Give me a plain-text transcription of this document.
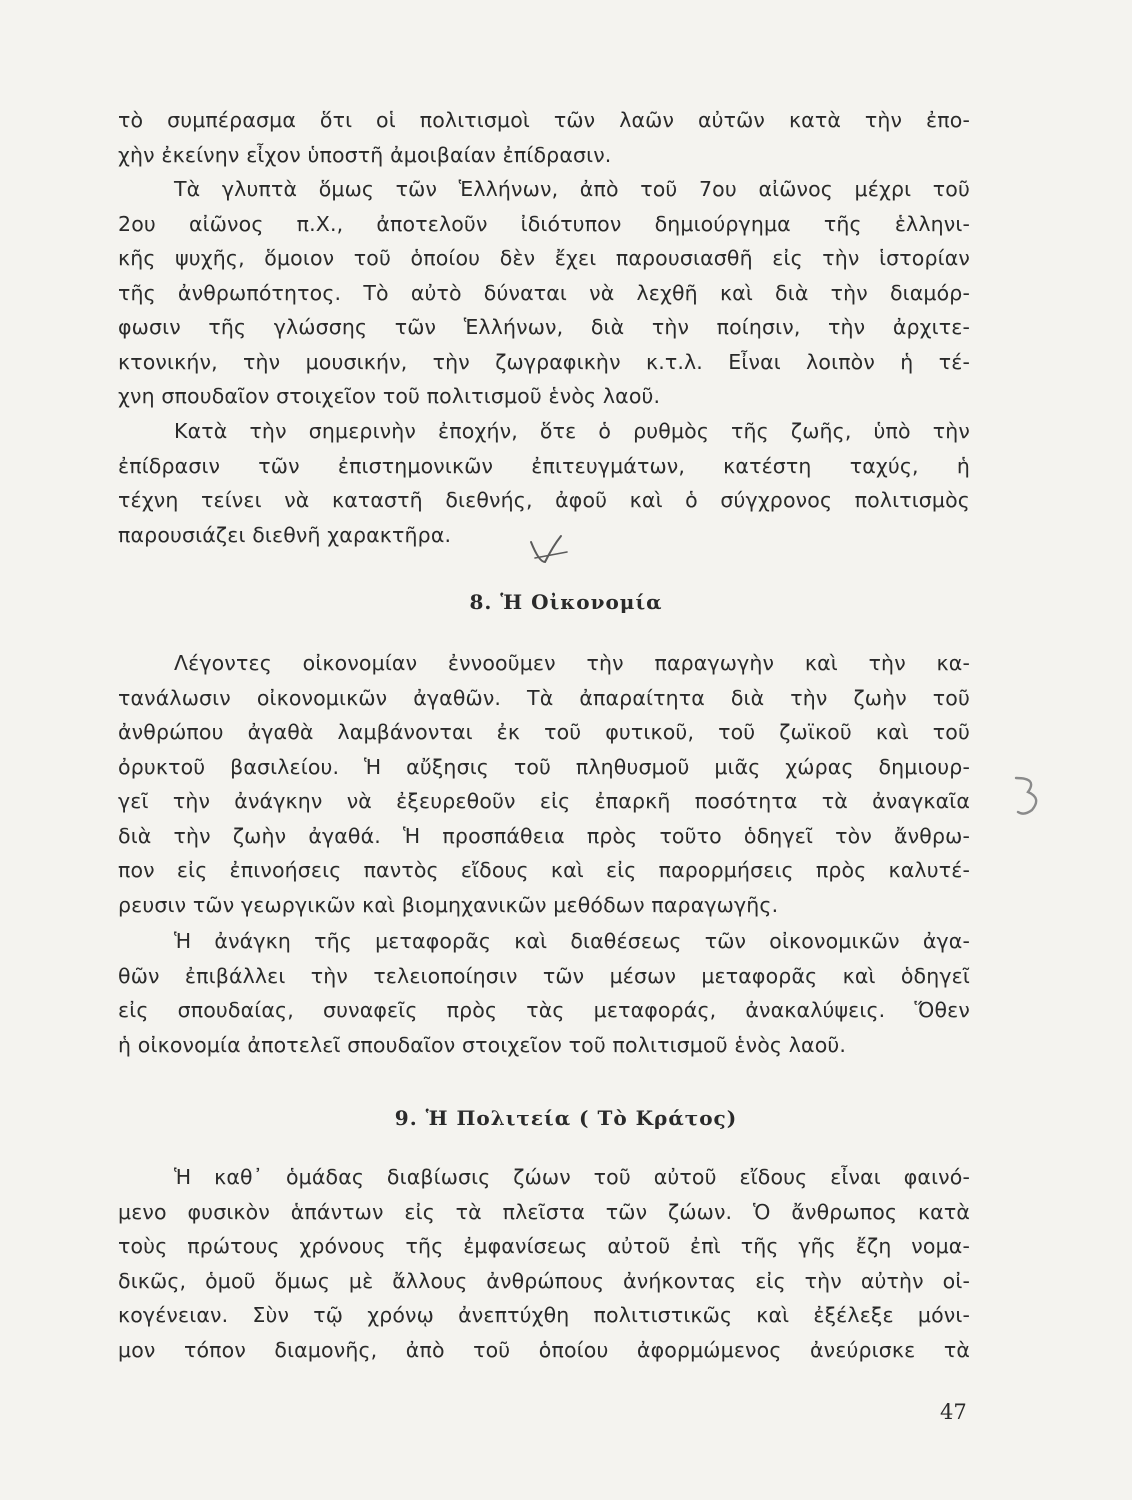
τὸ συμπέρασμα ὅτι οἱ πολιτισμοὶ τῶν λαῶν αὐτῶν κατὰ τὴν ἐπο-
χὴν ἐκείνην εἶχον ὑποστῆ ἀμοιβαίαν ἐπίδρασιν.
Τὰ γλυπτὰ ὅμως τῶν Ἑλλήνων, ἀπὸ τοῦ 7ου αἰῶνος μέχρι τοῦ
2ου αἰῶνος π.Χ., ἀποτελοῦν ἰδιότυπον δημιούργημα τῆς ἑλληνι-
κῆς ψυχῆς, ὅμοιον τοῦ ὁποίου δὲν ἔχει παρουσιασθῆ εἰς τὴν ἱστορίαν
τῆς ἀνθρωπότητος. Τὸ αὐτὸ δύναται νὰ λεχθῆ καὶ διὰ τὴν διαμόρ-
φωσιν τῆς γλώσσης τῶν Ἑλλήνων, διὰ τὴν ποίησιν, τὴν ἀρχιτε-
κτονικήν, τὴν μουσικήν, τὴν ζωγραφικὴν κ.τ.λ. Εἶναι λοιπὸν ἡ τέ-
χνη σπουδαῖον στοιχεῖον τοῦ πολιτισμοῦ ἑνὸς λαοῦ.
Κατὰ τὴν σημερινὴν ἐποχήν, ὅτε ὁ ρυθμὸς τῆς ζωῆς, ὑπὸ τὴν
ἐπίδρασιν τῶν ἐπιστημονικῶν ἐπιτευγμάτων, κατέστη ταχύς, ἡ
τέχνη τείνει νὰ καταστῆ διεθνής, ἀφοῦ καὶ ὁ σύγχρονος πολιτισμὸς
παρουσιάζει διεθνῆ χαρακτῆρα.
8. Ἡ Οἰκονομία
Λέγοντες οἰκονομίαν ἐννοοῦμεν τὴν παραγωγὴν καὶ τὴν κα-
τανάλωσιν οἰκονομικῶν ἀγαθῶν. Τὰ ἀπαραίτητα διὰ τὴν ζωὴν τοῦ
ἀνθρώπου ἀγαθὰ λαμβάνονται ἐκ τοῦ φυτικοῦ, τοῦ ζωϊκοῦ καὶ τοῦ
ὀρυκτοῦ βασιλείου. Ἡ αὔξησις τοῦ πληθυσμοῦ μιᾶς χώρας δημιουρ-
γεῖ τὴν ἀνάγκην νὰ ἐξευρεθοῦν εἰς ἐπαρκῆ ποσότητα τὰ ἀναγκαῖα
διὰ τὴν ζωὴν ἀγαθά. Ἡ προσπάθεια πρὸς τοῦτο ὁδηγεῖ τὸν ἄνθρω-
πον εἰς ἐπινοήσεις παντὸς εἴδους καὶ εἰς παρορμήσεις πρὸς καλυτέ-
ρευσιν τῶν γεωργικῶν καὶ βιομηχανικῶν μεθόδων παραγωγῆς.
Ἡ ἀνάγκη τῆς μεταφορᾶς καὶ διαθέσεως τῶν οἰκονομικῶν ἀγα-
θῶν ἐπιβάλλει τὴν τελειοποίησιν τῶν μέσων μεταφορᾶς καὶ ὁδηγεῖ
εἰς σπουδαίας, συναφεῖς πρὸς τὰς μεταφοράς, ἀνακαλύψεις. Ὅθεν
ἡ οἰκονομία ἀποτελεῖ σπουδαῖον στοιχεῖον τοῦ πολιτισμοῦ ἑνὸς λαοῦ.
9. Ἡ Πολιτεία ( Τὸ Κράτος)
Ἡ καθ᾽ ὁμάδας διαβίωσις ζώων τοῦ αὐτοῦ εἴδους εἶναι φαινό-
μενο φυσικὸν ἁπάντων εἰς τὰ πλεῖστα τῶν ζώων. Ὁ ἄνθρωπος κατὰ
τοὺς πρώτους χρόνους τῆς ἐμφανίσεως αὐτοῦ ἐπὶ τῆς γῆς ἔζη νομα-
δικῶς, ὁμοῦ ὅμως μὲ ἄλλους ἀνθρώπους ἀνήκοντας εἰς τὴν αὐτὴν οἰ-
κογένειαν. Σὺν τῷ χρόνῳ ἀνεπτύχθη πολιτιστικῶς καὶ ἐξέλεξε μόνι-
μον τόπον διαμονῆς, ἀπὸ τοῦ ὁποίου ἀφορμώμενος ἀνεύρισκε τὰ
47
